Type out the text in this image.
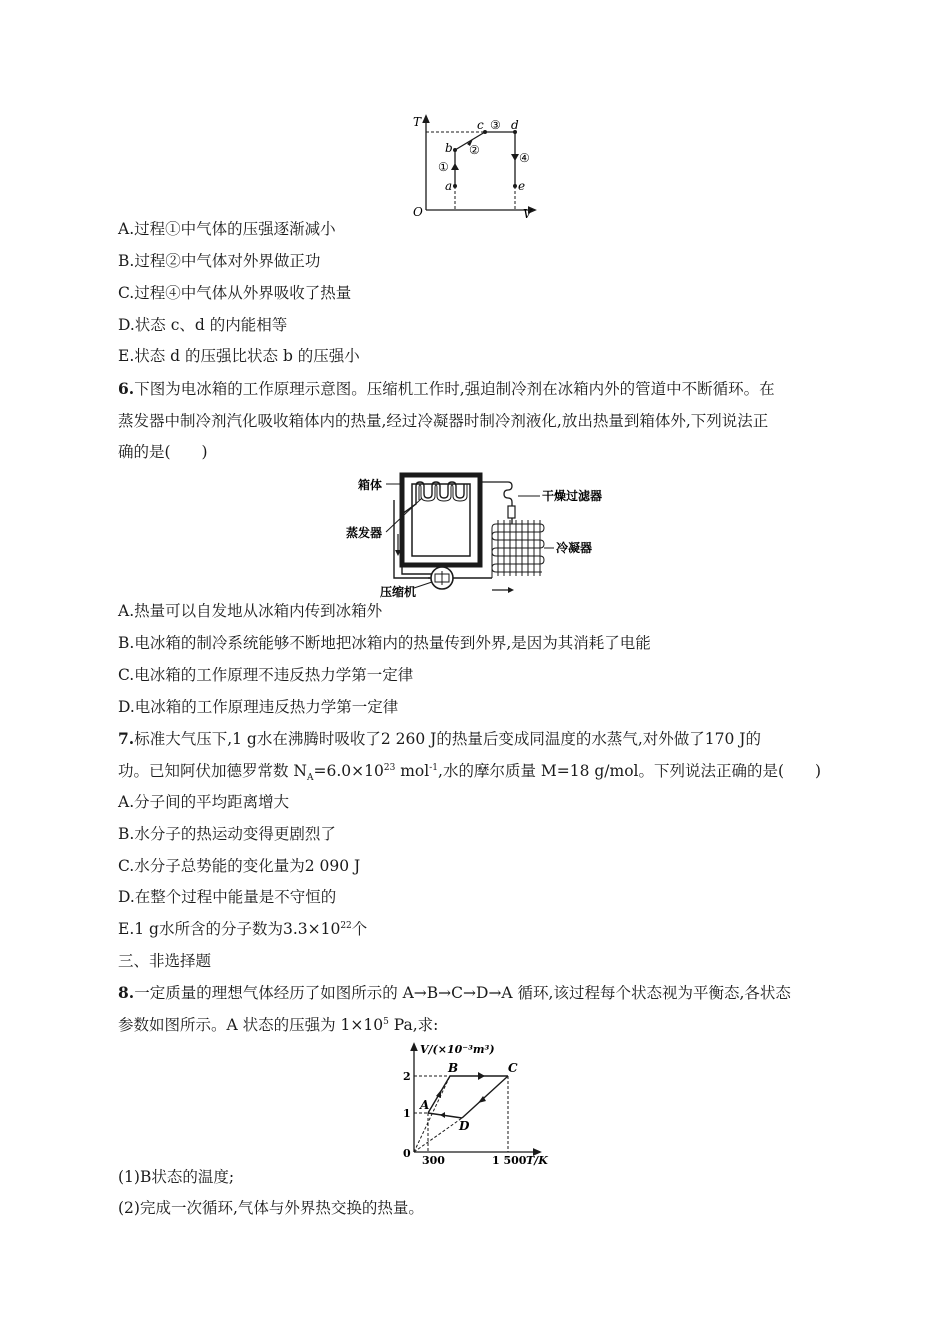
T
V
O
a
b
c d
e
①
②
③
④
A.过程①中气体的压强逐渐减小
B.过程②中气体对外界做正功
C.过程④中气体从外界吸收了热量
D.状态 c、d 的内能相等
E.状态 d 的压强比状态 b 的压强小
6.下图为电冰箱的工作原理示意图。压缩机工作时,强迫制冷剂在冰箱内外的管道中不断循环。在
蒸发器中制冷剂汽化吸收箱体内的热量,经过冷凝器时制冷剂液化,放出热量到箱体外,下列说法正
确的是(　　)
箱体
蒸发器
干燥过滤器
冷凝器
压缩机
A.热量可以自发地从冰箱内传到冰箱外
B.电冰箱的制冷系统能够不断地把冰箱内的热量传到外界,是因为其消耗了电能
C.电冰箱的工作原理不违反热力学第一定律
D.电冰箱的工作原理违反热力学第一定律
7.标准大气压下,1 g水在沸腾时吸收了2 260 J的热量后变成同温度的水蒸气,对外做了170 J的
功。已知阿伏加德罗常数 $N_A=6.0\times 10^{23}$ mol$^{-1}$,水的摩尔质量 M=18 g/mol。下列说法正确的是(　　)
A.分子间的平均距离增大
B.水分子的热运动变得更剧烈了
C.水分子总势能的变化量为2 090 J
D.在整个过程中能量是不守恒的
E.1 g水所含的分子数为$3.3\times 10^{22}$个
三、非选择题
8.一定质量的理想气体经历了如图所示的 A→B→C→D→A 循环,该过程每个状态视为平衡态,各状态
参数如图所示。A 状态的压强为 $1\times 10^5$ Pa,求:
V/(×10⁻³m³)
T/K
0
1
2
300	1 500
A
B	C
D
(1)B状态的温度;
(2)完成一次循环,气体与外界热交换的热量。
